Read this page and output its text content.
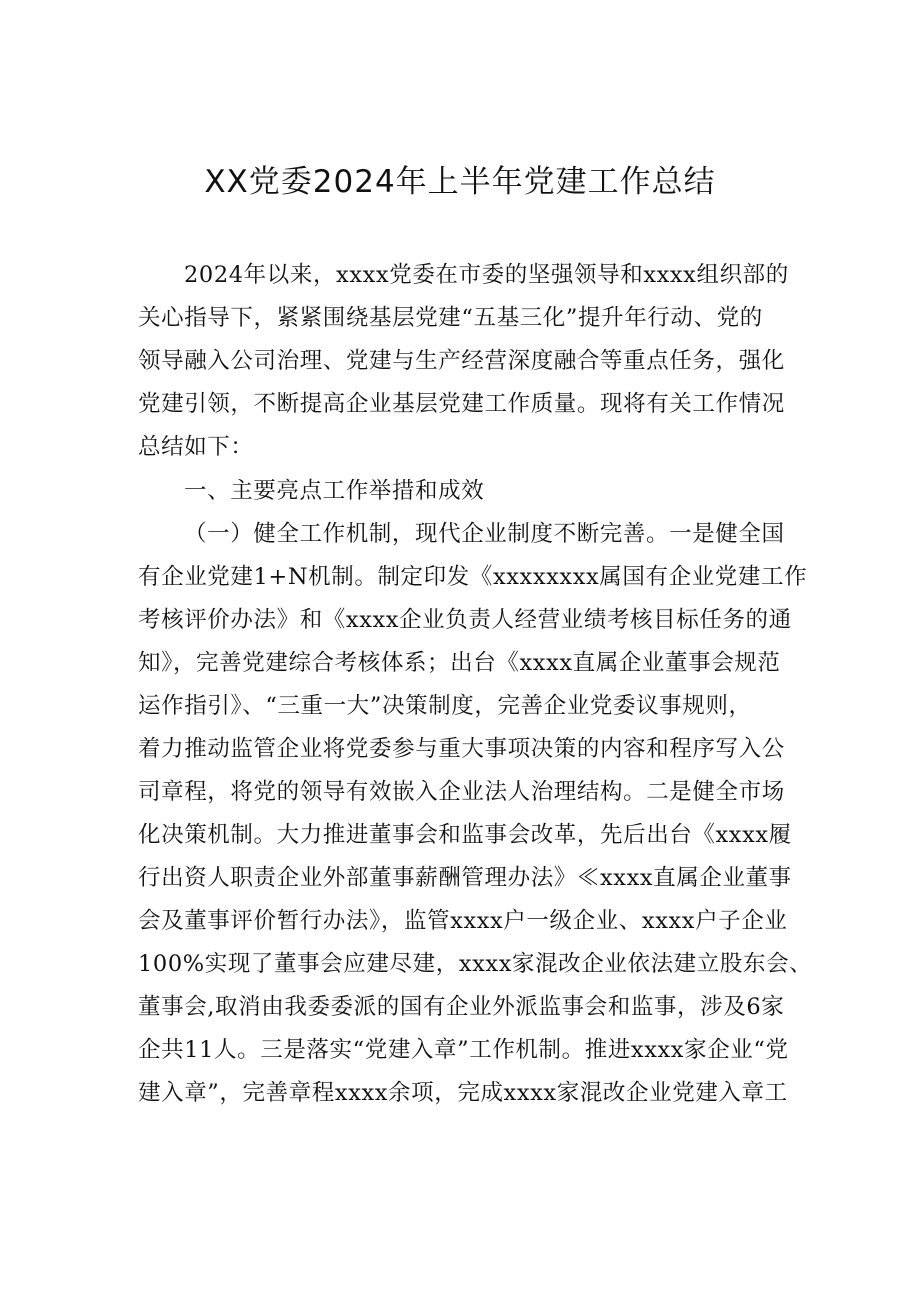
XX党委2024年上半年党建工作总结
2024年以来，xxxx党委在市委的坚强领导和xxxx组织部的
关心指导下，紧紧围绕基层党建“五基三化”提升年行动、党的
领导融入公司治理、党建与生产经营深度融合等重点任务，强化
党建引领，不断提高企业基层党建工作质量。现将有关工作情况
总结如下：
一、主要亮点工作举措和成效
（一）健全工作机制，现代企业制度不断完善。一是健全国
有企业党建1+N机制。制定印发《xxxxxxxx属国有企业党建工作
考核评价办法》和《xxxx企业负责人经营业绩考核目标任务的通
知》，完善党建综合考核体系；出台《xxxx直属企业董事会规范
运作指引》、“三重一大”决策制度，完善企业党委议事规则，
着力推动监管企业将党委参与重大事项决策的内容和程序写入公
司章程，将党的领导有效嵌入企业法人治理结构。二是健全市场
化决策机制。大力推进董事会和监事会改革，先后出台《xxxx履
行出资人职责企业外部董事薪酬管理办法》≪xxxx直属企业董事
会及董事评价暂行办法》，监管xxxx户一级企业、xxxx户子企业
100%实现了董事会应建尽建，xxxx家混改企业依法建立股东会、
董事会,取消由我委委派的国有企业外派监事会和监事，涉及6家
企共11人。三是落实“党建入章”工作机制。推进xxxx家企业“党
建入章”，完善章程xxxx余项，完成xxxx家混改企业党建入章工
